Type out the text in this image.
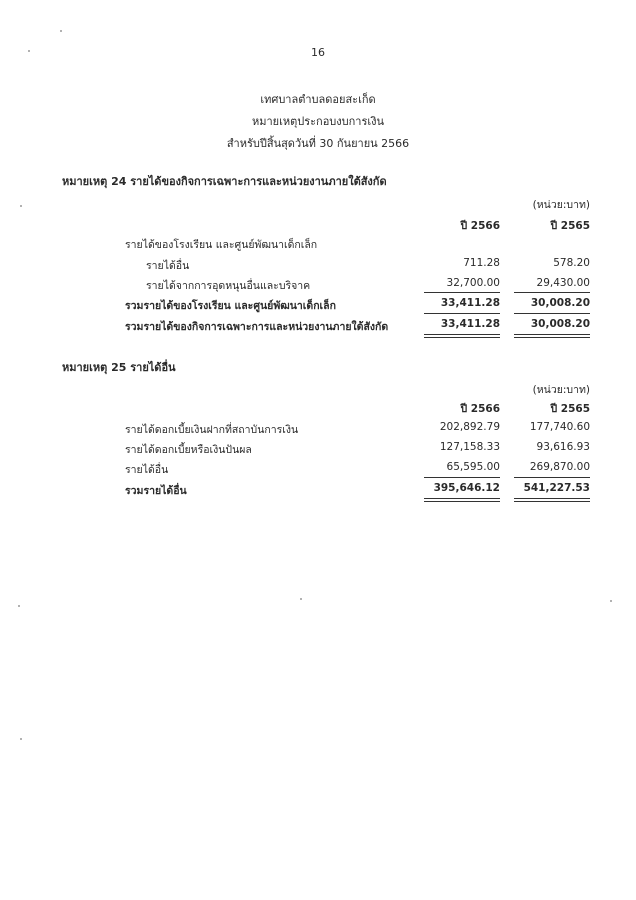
16
เทศบาลตำบลดอยสะเก็ด
หมายเหตุประกอบงบการเงิน
สำหรับปีสิ้นสุดวันที่ 30 กันยายน 2566
หมายเหตุ 24 รายได้ของกิจการเฉพาะการและหน่วยงานภายใต้สังกัด
(หน่วย:บาท)
ปี 2566	ปี 2565
รายได้ของโรงเรียน และศูนย์พัฒนาเด็กเล็ก
รายได้อื่น	711.28	578.20
รายได้จากการอุดหนุนอื่นและบริจาค	32,700.00	29,430.00
รวมรายได้ของโรงเรียน และศูนย์พัฒนาเด็กเล็ก	33,411.28	30,008.20
รวมรายได้ของกิจการเฉพาะการและหน่วยงานภายใต้สังกัด	33,411.28	30,008.20
หมายเหตุ 25 รายได้อื่น
(หน่วย:บาท)
ปี 2566	ปี 2565
รายได้ดอกเบี้ยเงินฝากที่สถาบันการเงิน	202,892.79	177,740.60
รายได้ดอกเบี้ยหรือเงินปันผล	127,158.33	93,616.93
รายได้อื่น	65,595.00	269,870.00
รวมรายได้อื่น	395,646.12	541,227.53
